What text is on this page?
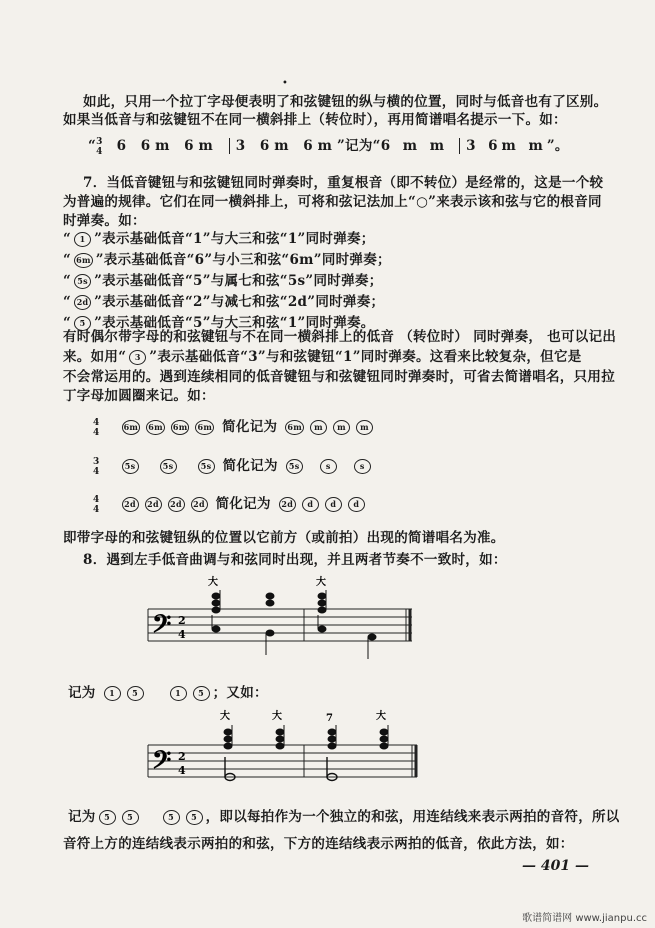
•
如此，只用一个拉丁字母便表明了和弦键钮的纵与横的位置，同时与低音也有了区别。
如果当低音与和弦键钮不在同一横斜排上（转位时），再用简谱唱名提示一下。如：
“3
4 6 6m 6m 3 6m 6m”记为“6 m m 3 6m m”。
7．当低音键钮与和弦键钮同时弹奏时，重复根音（即不转位）是经常的，这是一个较
为普遍的规律。它们在同一横斜排上，可将和弦记法加上“○”来表示该和弦与它的根音同
时弹奏。如：
“ 1 ”表示基础低音“1”与大三和弦“1”同时弹奏；
“ 6m ”表示基础低音“6”与小三和弦“6m”同时弹奏；
“ 5s ”表示基础低音“5”与属七和弦“5s”同时弹奏；
“ 2d ”表示基础低音“2”与减七和弦“2d”同时弹奏；
“ 5 ”表示基础低音“5”与大三和弦“1”同时弹奏。
有时偶尔带字母的和弦键钮与不在同一横斜排上的低音 （转位时） 同时弹奏， 也可以记出
来。如用“ 3 ”表示基础低音“3”与和弦键钮“1”同时弹奏。这看来比较复杂，但它是
不会常运用的。遇到连续相同的低音键钮与和弦键钮同时弹奏时，可省去简谱唱名，只用拉
丁字母加圆圈来记。如：
4
4 6m 6m 6m 6m 简化记为 6m m m m
3
4 5s	5s	5s 简化记为 5s	s	s
4
4 2d 2d 2d 2d 简化记为 2d d d d
即带字母的和弦键钮纵的位置以它前方（或前拍）出现的简谱唱名为准。
8．遇到左手低音曲调与和弦同时出现，并且两者节奏不一致时，如：
𝄢 2
4
大	大
记为 1 5	1 5 ；又如：
𝄢 2
4
大	大	7	大
记为 5 5	5 5 ，即以每拍作为一个独立的和弦，用连结线来表示两拍的音符，所以
音符上方的连结线表示两拍的和弦，下方的连结线表示两拍的低音，依此方法，如：
— 401 —
歌谱简谱网 www.jianpu.cc
